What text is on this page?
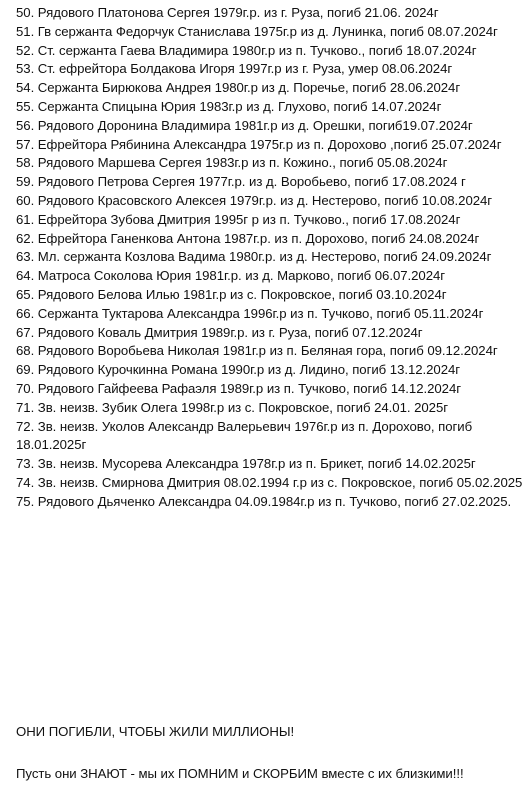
50. Рядового Платонова Сергея 1979г.р. из г. Руза, погиб 21.06. 2024г
51. Гв сержанта Федорчук Станислава 1975г.р из д. Лунинка, погиб 08.07.2024г
52. Ст. сержанта Гаева Владимира 1980г.р из п. Тучково., погиб 18.07.2024г
53. Ст. ефрейтора Болдакова Игоря 1997г.р из г. Руза, умер 08.06.2024г
54. Сержанта Бирюкова Андрея 1980г.р из д. Поречье, погиб 28.06.2024г
55. Сержанта Спицына Юрия 1983г.р из д. Глухово, погиб 14.07.2024г
56. Рядового Доронина Владимира 1981г.р из д. Орешки, погиб19.07.2024г
57. Ефрейтора Рябинина Александра 1975г.р из п. Дорохово ,погиб 25.07.2024г
58. Рядового Маршева Сергея 1983г.р из п. Кожино., погиб 05.08.2024г
59. Рядового Петрова Сергея 1977г.р. из д. Воробьево, погиб 17.08.2024 г
60. Рядового Красовского Алексея 1979г.р. из д. Нестерово, погиб 10.08.2024г
61. Ефрейтора Зубова Дмитрия 1995г р из п. Тучково., погиб 17.08.2024г
62. Ефрейтора Ганенкова Антона 1987г.р. из п. Дорохово, погиб 24.08.2024г
63. Мл. сержанта Козлова Вадима 1980г.р. из д. Нестерово, погиб 24.09.2024г
64. Матроса Соколова Юрия 1981г.р. из д. Марково, погиб 06.07.2024г
65. Рядового Белова Илью 1981г.р из с. Покровское, погиб 03.10.2024г
66. Сержанта Туктарова Александра 1996г.р из п. Тучково, погиб 05.11.2024г
67. Рядового Коваль Дмитрия 1989г.р. из г. Руза, погиб 07.12.2024г
68. Рядового Воробьева Николая 1981г.р из п. Беляная гора, погиб 09.12.2024г
69. Рядового Курочкинна Романа 1990г.р из д. Лидино, погиб 13.12.2024г
70. Рядового Гайфеева Рафаэля 1989г.р из п. Тучково, погиб 14.12.2024г
71. Зв. неизв. Зубик Олега 1998г.р из с. Покровское, погиб 24.01. 2025г
72. Зв. неизв. Уколов Александр Валерьевич 1976г.р из п. Дорохово, погиб 18.01.2025г
73. Зв. неизв. Мусорева Александра 1978г.р из п. Брикет, погиб 14.02.2025г
74. Зв. неизв. Смирнова Дмитрия 08.02.1994 г.р из с. Покровское, погиб 05.02.2025
75. Рядового Дьяченко Александра 04.09.1984г.р из п. Тучково, погиб 27.02.2025.
ОНИ ПОГИБЛИ, ЧТОБЫ ЖИЛИ МИЛЛИОНЫ!
Пусть они ЗНАЮТ - мы их ПОМНИМ и СКОРБИМ вместе с их близкими!!!
